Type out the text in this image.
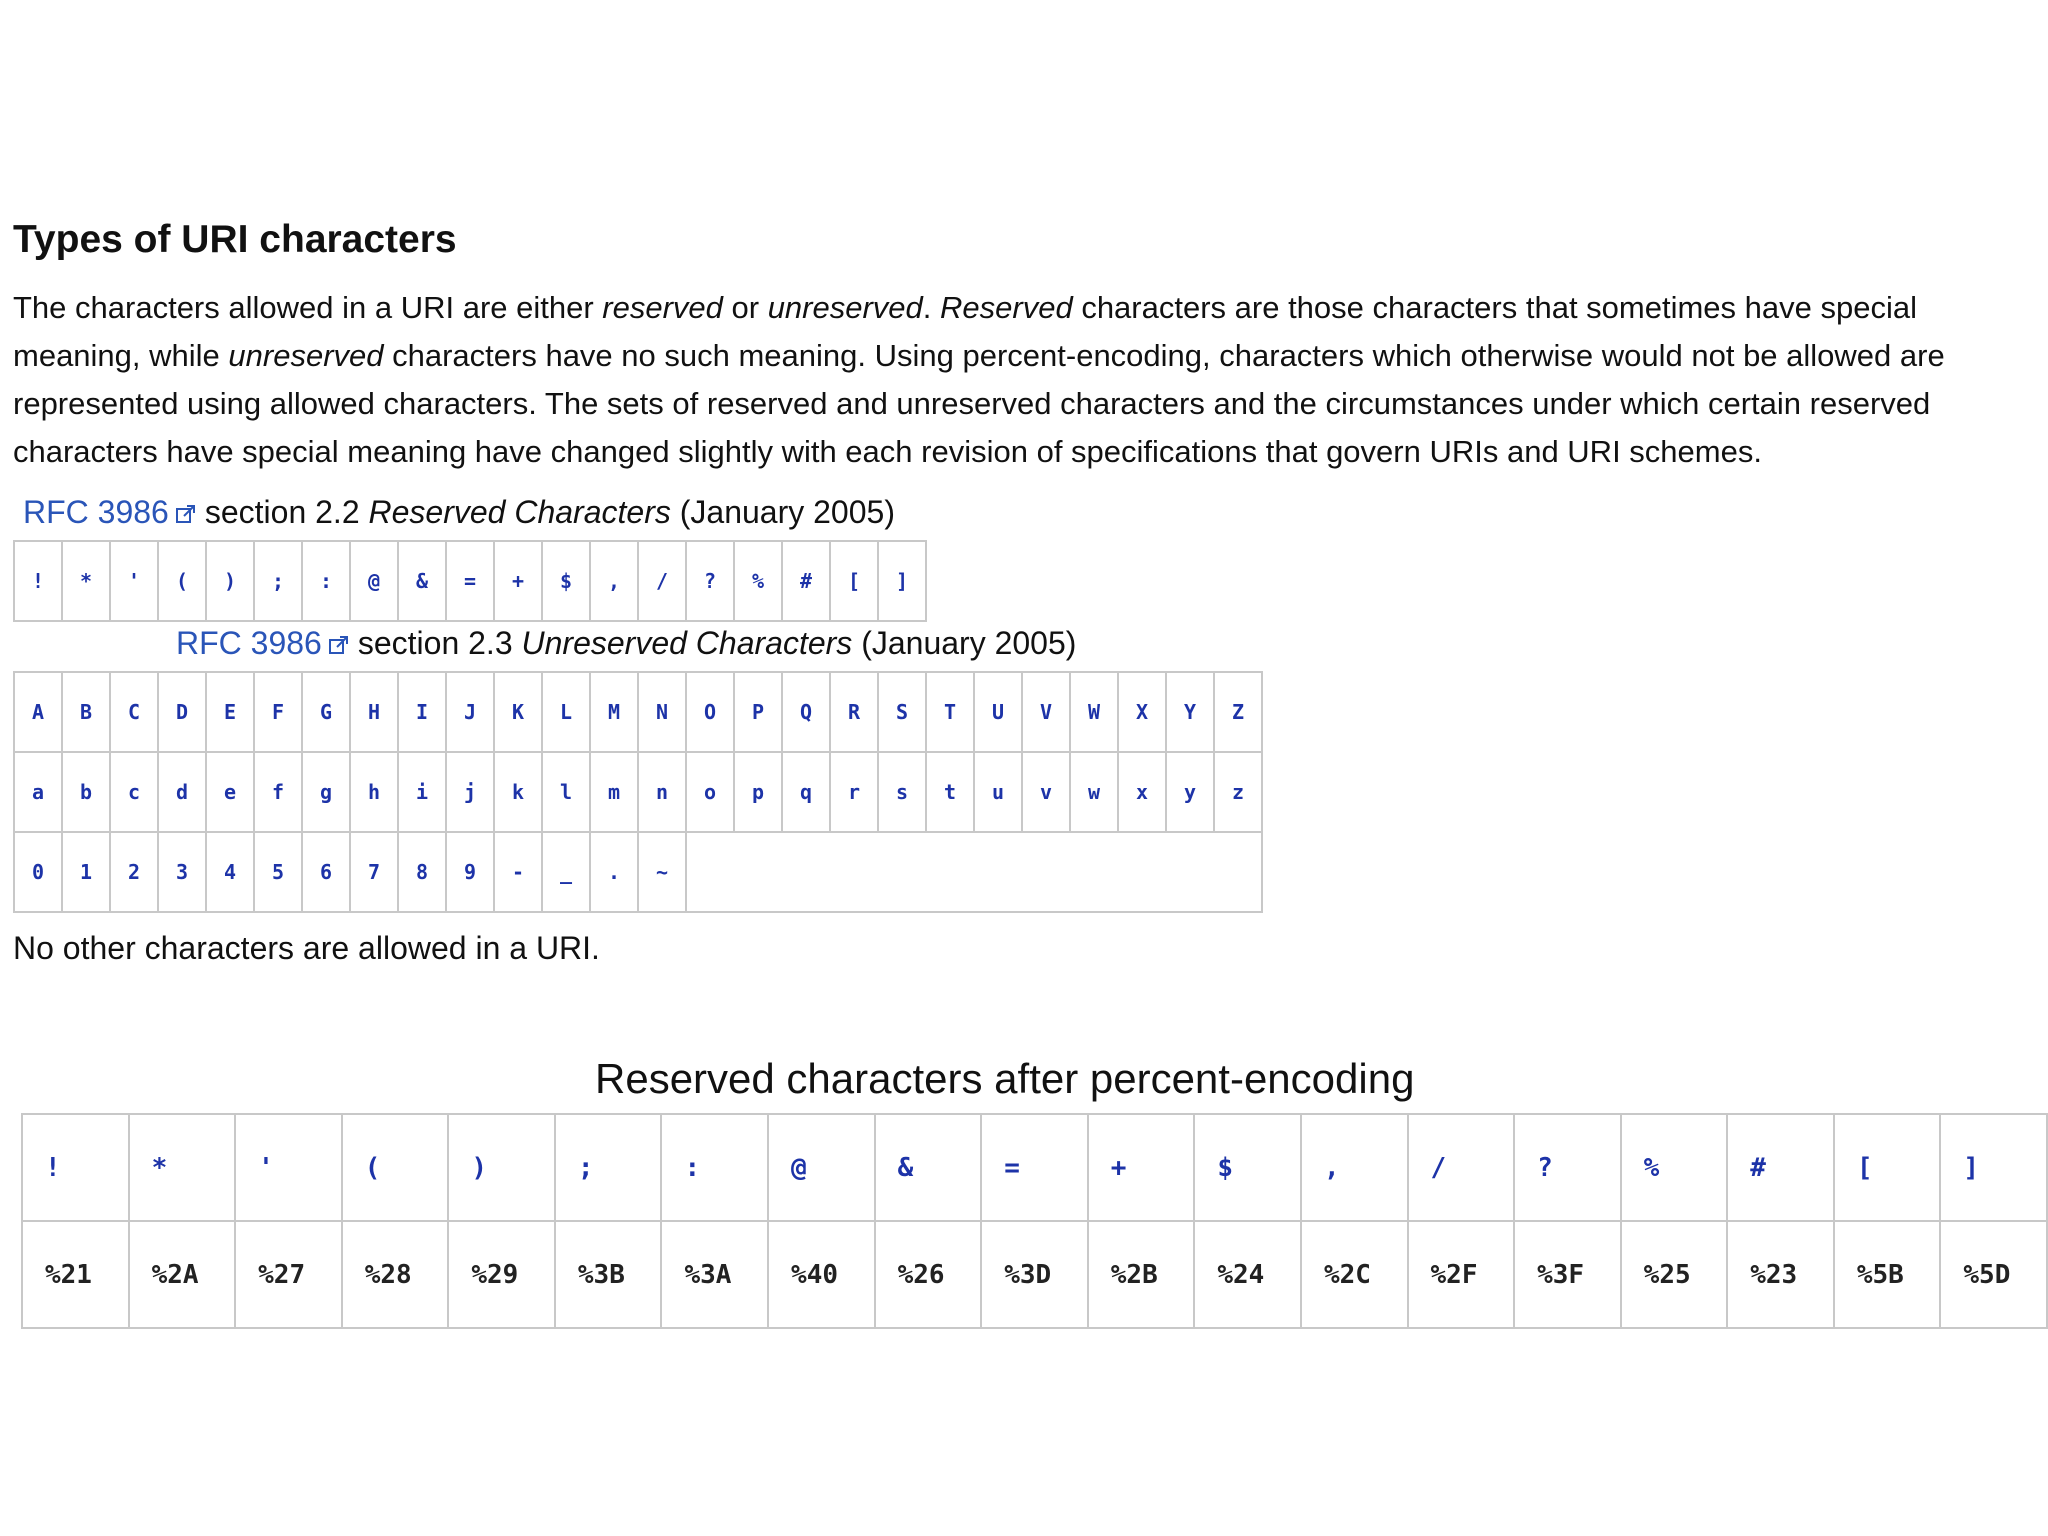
Types of URI characters

The characters allowed in a URI are either reserved or unreserved. Reserved characters are those characters that sometimes have special
meaning, while unreserved characters have no such meaning. Using percent-encoding, characters which otherwise would not be allowed are
represented using allowed characters. The sets of reserved and unreserved characters and the circumstances under which certain reserved
characters have special meaning have changed slightly with each revision of specifications that govern URIs and URI schemes.

RFC 3986 section 2.2 Reserved Characters (January 2005)
!	*	'	(	)	;	:	@	&	=	+	$	,	/	?	%	#	[	]
RFC 3986 section 2.3 Unreserved Characters (January 2005)
A	B	C	D	E	F	G	H	I	J	K	L	M	N	O	P	Q	R	S	T	U	V	W	X	Y	Z
a	b	c	d	e	f	g	h	i	j	k	l	m	n	o	p	q	r	s	t	u	v	w	x	y	z
0	1	2	3	4	5	6	7	8	9	-	_	.	~												
No other characters are allowed in a URI.
Reserved characters after percent-encoding
!	*	'	(	)	;	:	@	&	=	+	$	,	/	?	%	#	[	]
%21	%2A	%27	%28	%29	%3B	%3A	%40	%26	%3D	%2B	%24	%2C	%2F	%3F	%25	%23	%5B	%5D
